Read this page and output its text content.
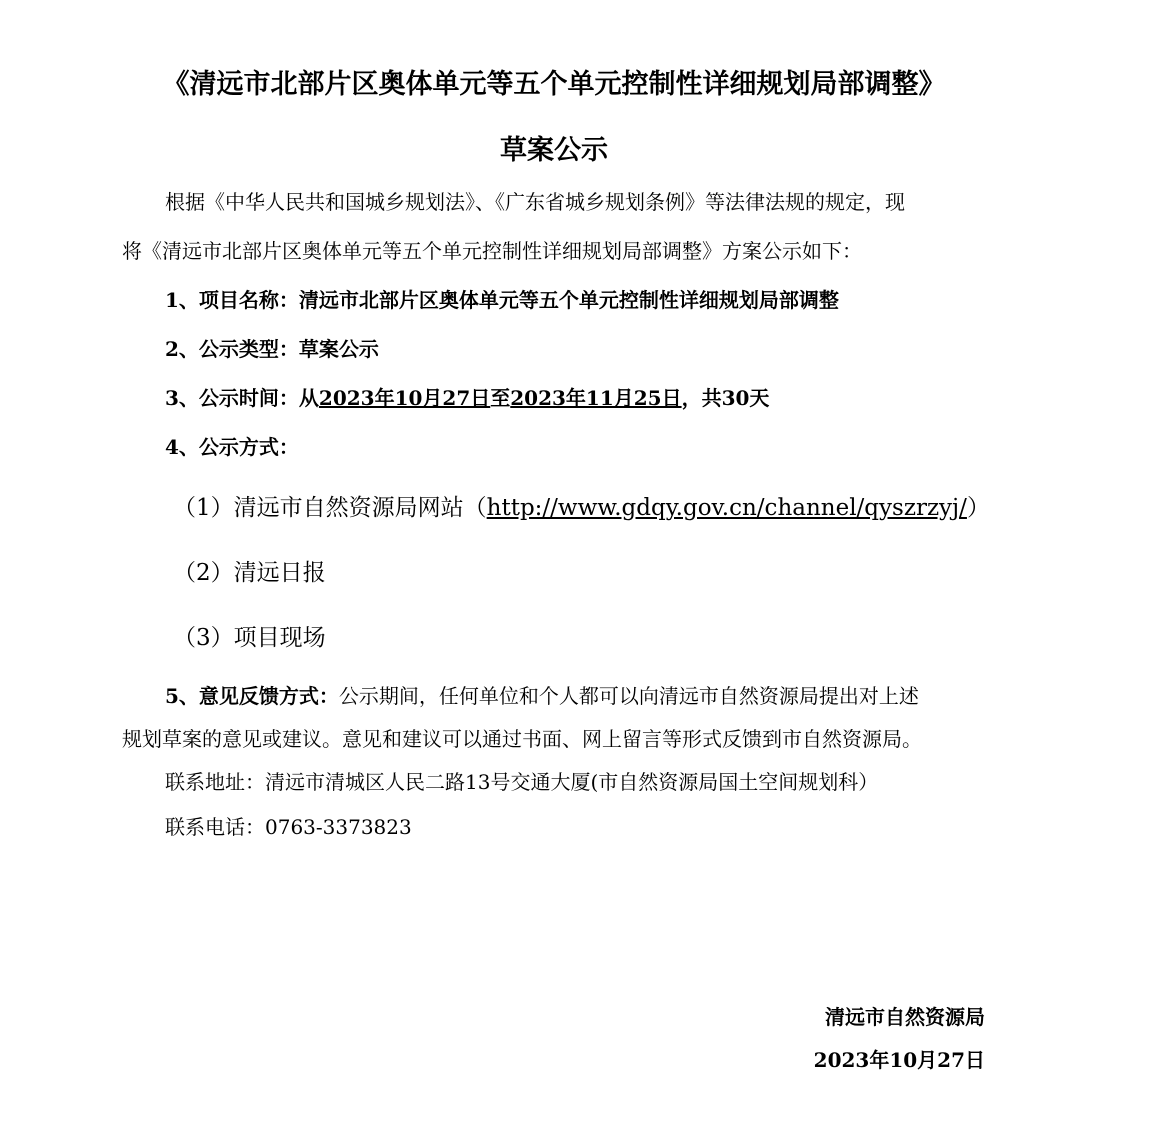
《清远市北部片区奥体单元等五个单元控制性详细规划局部调整》
草案公示
根据《中华人民共和国城乡规划法》、《广东省城乡规划条例》等法律法规的规定，现
将《清远市北部片区奥体单元等五个单元控制性详细规划局部调整》方案公示如下：
1、项目名称：清远市北部片区奥体单元等五个单元控制性详细规划局部调整
2、公示类型：草案公示
3、公示时间：从2023年10月27日至2023年11月25日，共30天
4、公示方式：
（1）清远市自然资源局网站（http://www.gdqy.gov.cn/channel/qyszrzyj/）
（2）清远日报
（3）项目现场
5、意见反馈方式：公示期间，任何单位和个人都可以向清远市自然资源局提出对上述
规划草案的意见或建议。意见和建议可以通过书面、网上留言等形式反馈到市自然资源局。
联系地址：清远市清城区人民二路13号交通大厦(市自然资源局国土空间规划科）
联系电话：0763-3373823
清远市自然资源局
2023年10月27日
